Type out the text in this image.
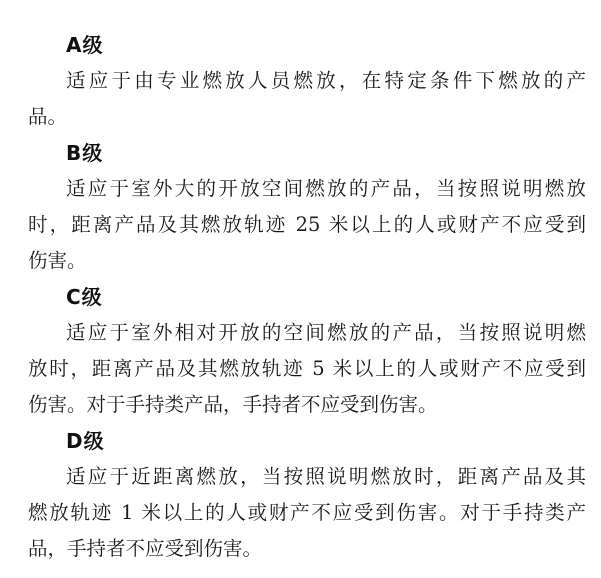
A级
适应于由专业燃放人员燃放，在特定条件下燃放的产
品。
B级
适应于室外大的开放空间燃放的产品，当按照说明燃放
时，距离产品及其燃放轨迹 25 米以上的人或财产不应受到
伤害。
C级
适应于室外相对开放的空间燃放的产品，当按照说明燃
放时，距离产品及其燃放轨迹 5 米以上的人或财产不应受到
伤害。对于手持类产品，手持者不应受到伤害。
D级
适应于近距离燃放，当按照说明燃放时，距离产品及其
燃放轨迹 1 米以上的人或财产不应受到伤害。对于手持类产
品，手持者不应受到伤害。
